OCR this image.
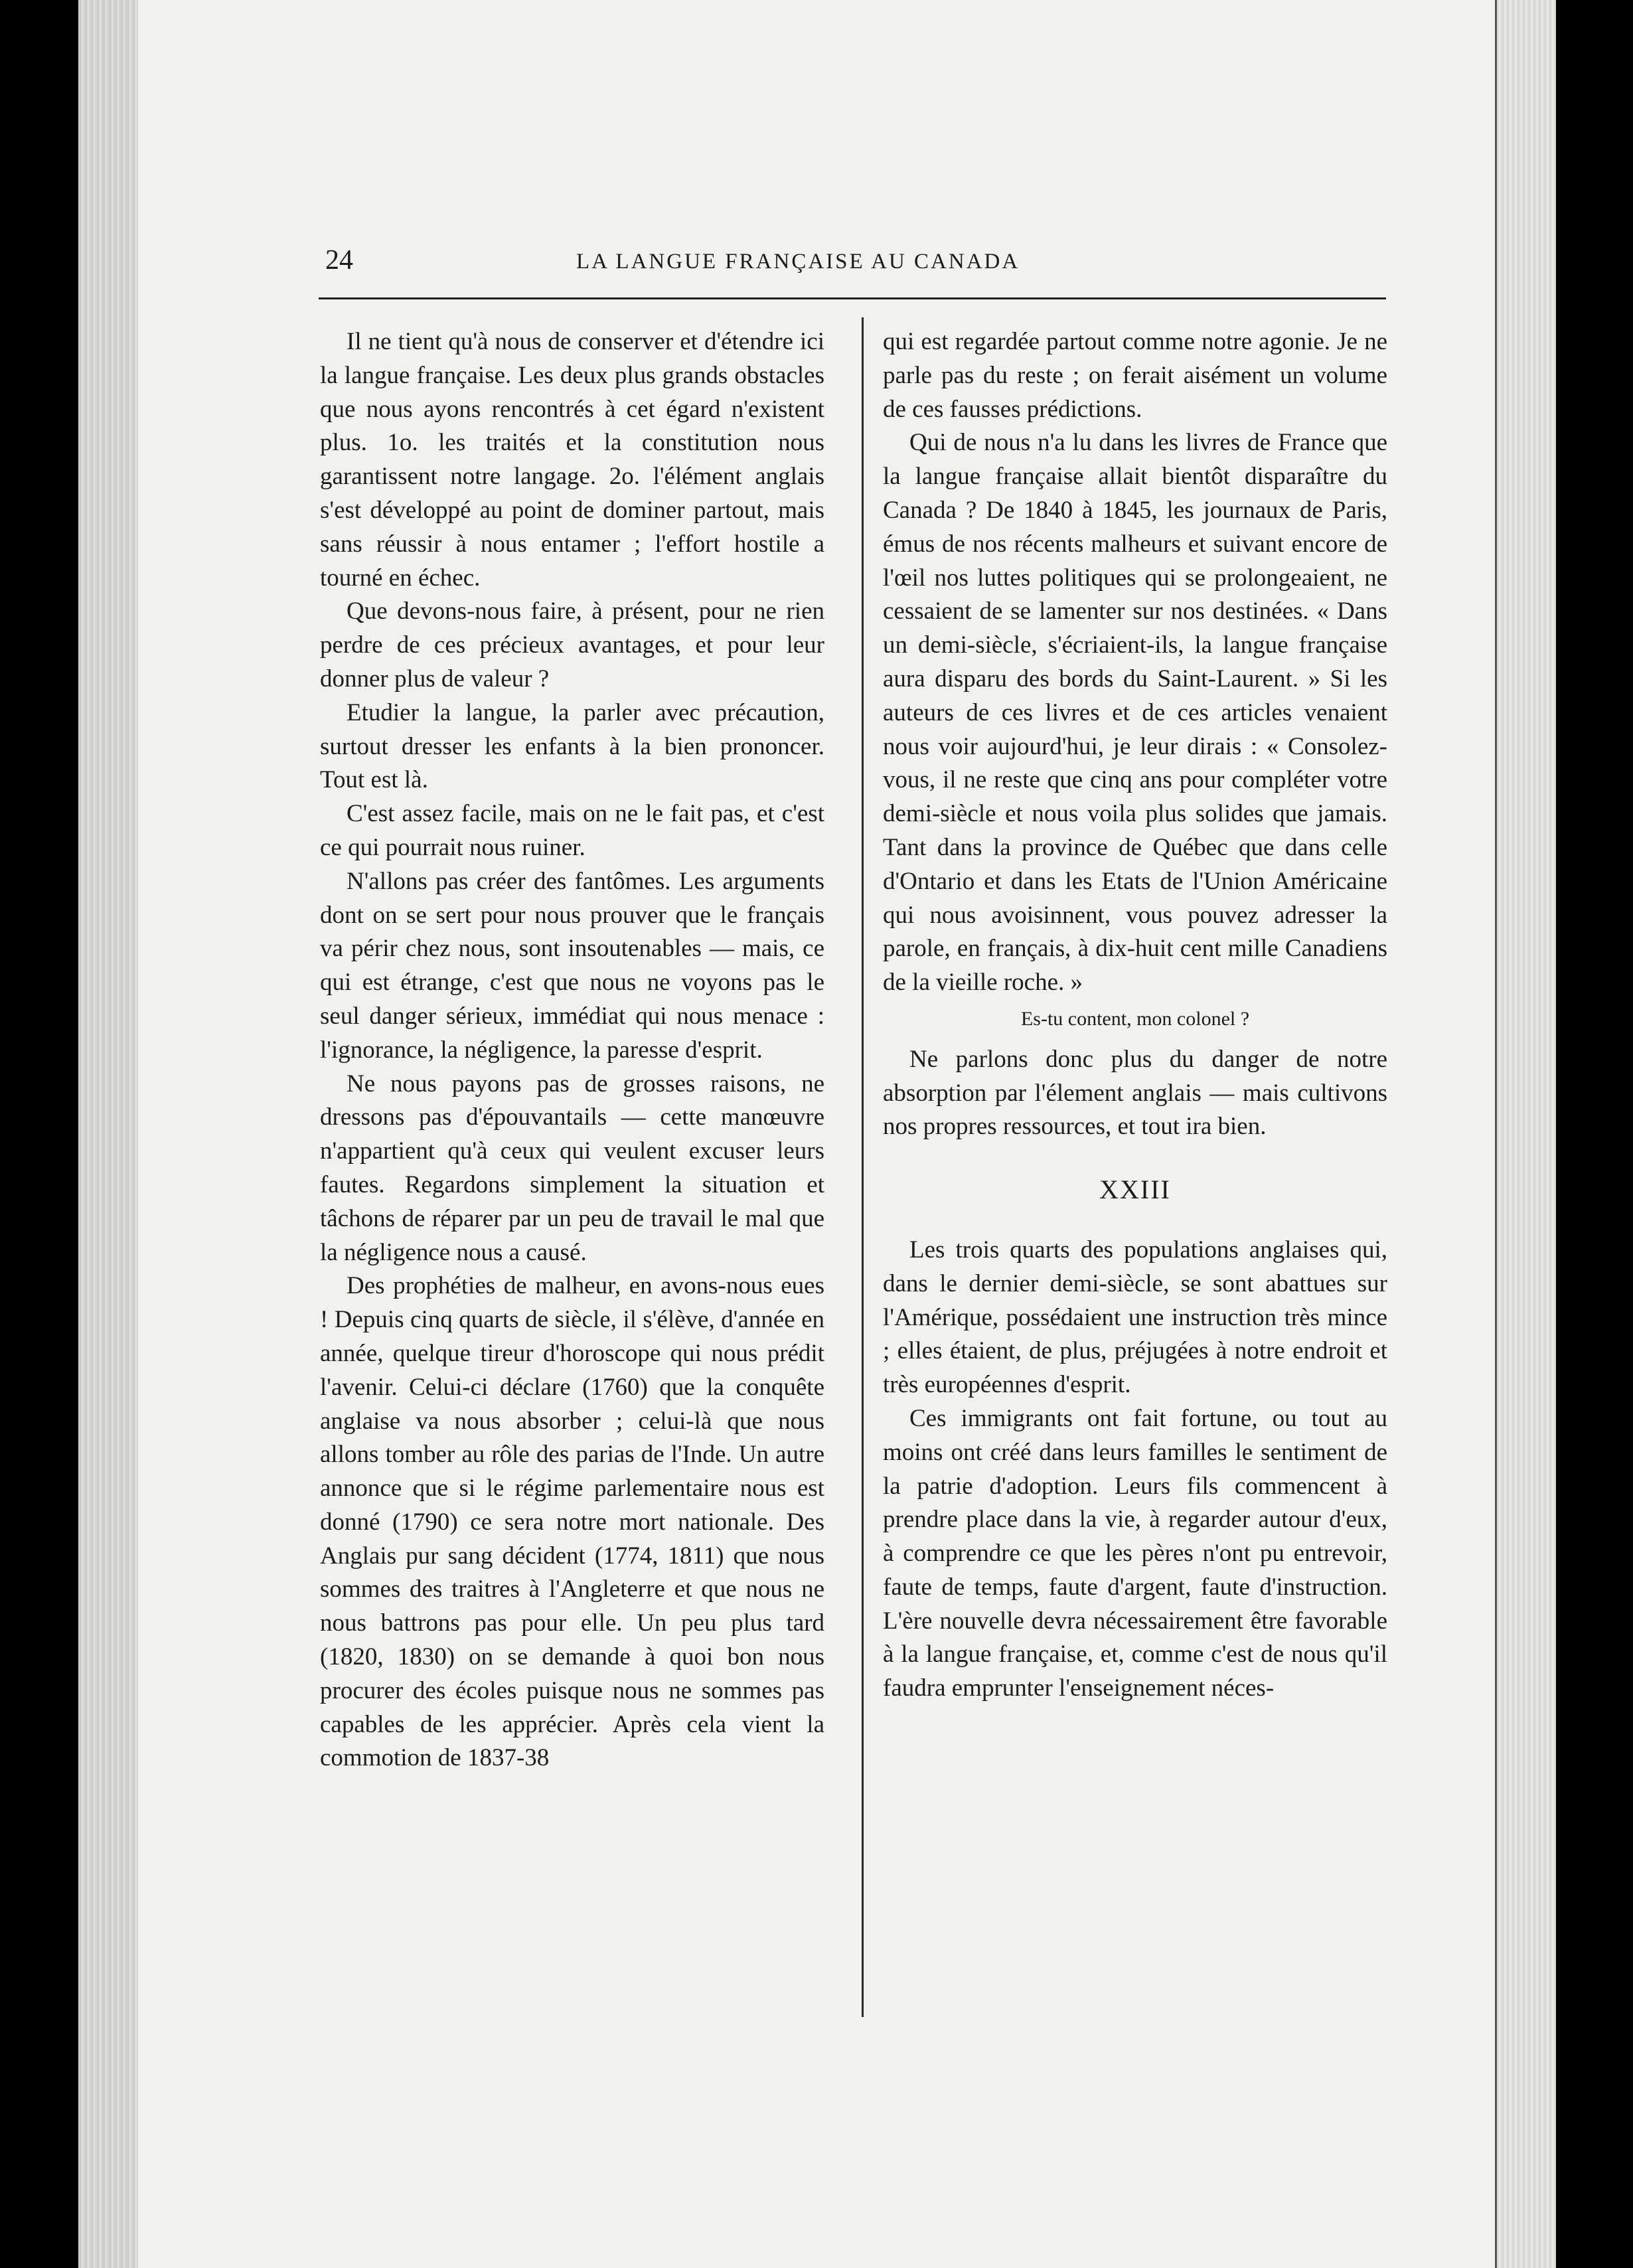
24	LA LANGUE FRANÇAISE AU CANADA

Il ne tient qu'à nous de conserver et d'étendre ici la langue française. Les deux plus grands obstacles que nous ayons rencontrés à cet égard n'existent plus. 1o. les traités et la constitution nous garantissent notre langage. 2o. l'élément anglais s'est développé au point de dominer partout, mais sans réussir à nous entamer ; l'effort hostile a tourné en échec.

Que devons-nous faire, à présent, pour ne rien perdre de ces précieux avantages, et pour leur donner plus de valeur ?

Etudier la langue, la parler avec précaution, surtout dresser les enfants à la bien prononcer. Tout est là.

C'est assez facile, mais on ne le fait pas, et c'est ce qui pourrait nous ruiner.

N'allons pas créer des fantômes. Les arguments dont on se sert pour nous prouver que le français va périr chez nous, sont insoutenables — mais, ce qui est étrange, c'est que nous ne voyons pas le seul danger sérieux, immédiat qui nous menace : l'ignorance, la négligence, la paresse d'esprit.

Ne nous payons pas de grosses raisons, ne dressons pas d'épouvantails — cette manœuvre n'appartient qu'à ceux qui veulent excuser leurs fautes. Regardons simplement la situation et tâchons de réparer par un peu de travail le mal que la négligence nous a causé.

Des prophéties de malheur, en avons-nous eues ! Depuis cinq quarts de siècle, il s'élève, d'année en année, quelque tireur d'horoscope qui nous prédit l'avenir. Celui-ci déclare (1760) que la conquête anglaise va nous absorber ; celui-là que nous allons tomber au rôle des parias de l'Inde. Un autre annonce que si le régime parlementaire nous est donné (1790) ce sera notre mort nationale. Des Anglais pur sang décident (1774, 1811) que nous sommes des traitres à l'Angleterre et que nous ne nous battrons pas pour elle. Un peu plus tard (1820, 1830) on se demande à quoi bon nous procurer des écoles puisque nous ne sommes pas capables de les apprécier. Après cela vient la commotion de 1837-38

qui est regardée partout comme notre agonie. Je ne parle pas du reste ; on ferait aisément un volume de ces fausses prédictions.

Qui de nous n'a lu dans les livres de France que la langue française allait bientôt disparaître du Canada ? De 1840 à 1845, les journaux de Paris, émus de nos récents malheurs et suivant encore de l'œil nos luttes politiques qui se prolongeaient, ne cessaient de se lamenter sur nos destinées. « Dans un demi-siècle, s'écriaient-ils, la langue française aura disparu des bords du Saint-Laurent. » Si les auteurs de ces livres et de ces articles venaient nous voir aujourd'hui, je leur dirais : « Consolez-vous, il ne reste que cinq ans pour compléter votre demi-siècle et nous voila plus solides que jamais. Tant dans la province de Québec que dans celle d'Ontario et dans les Etats de l'Union Américaine qui nous avoisinnent, vous pouvez adresser la parole, en français, à dix-huit cent mille Canadiens de la vieille roche. »

Es-tu content, mon colonel ?

Ne parlons donc plus du danger de notre absorption par l'élement anglais — mais cultivons nos propres ressources, et tout ira bien.

XXIII

Les trois quarts des populations anglaises qui, dans le dernier demi-siècle, se sont abattues sur l'Amérique, possédaient une instruction très mince ; elles étaient, de plus, préjugées à notre endroit et très européennes d'esprit.

Ces immigrants ont fait fortune, ou tout au moins ont créé dans leurs familles le sentiment de la patrie d'adoption. Leurs fils commencent à prendre place dans la vie, à regarder autour d'eux, à comprendre ce que les pères n'ont pu entrevoir, faute de temps, faute d'argent, faute d'instruction. L'ère nouvelle devra nécessairement être favorable à la langue française, et, comme c'est de nous qu'il faudra emprunter l'enseignement néces-
